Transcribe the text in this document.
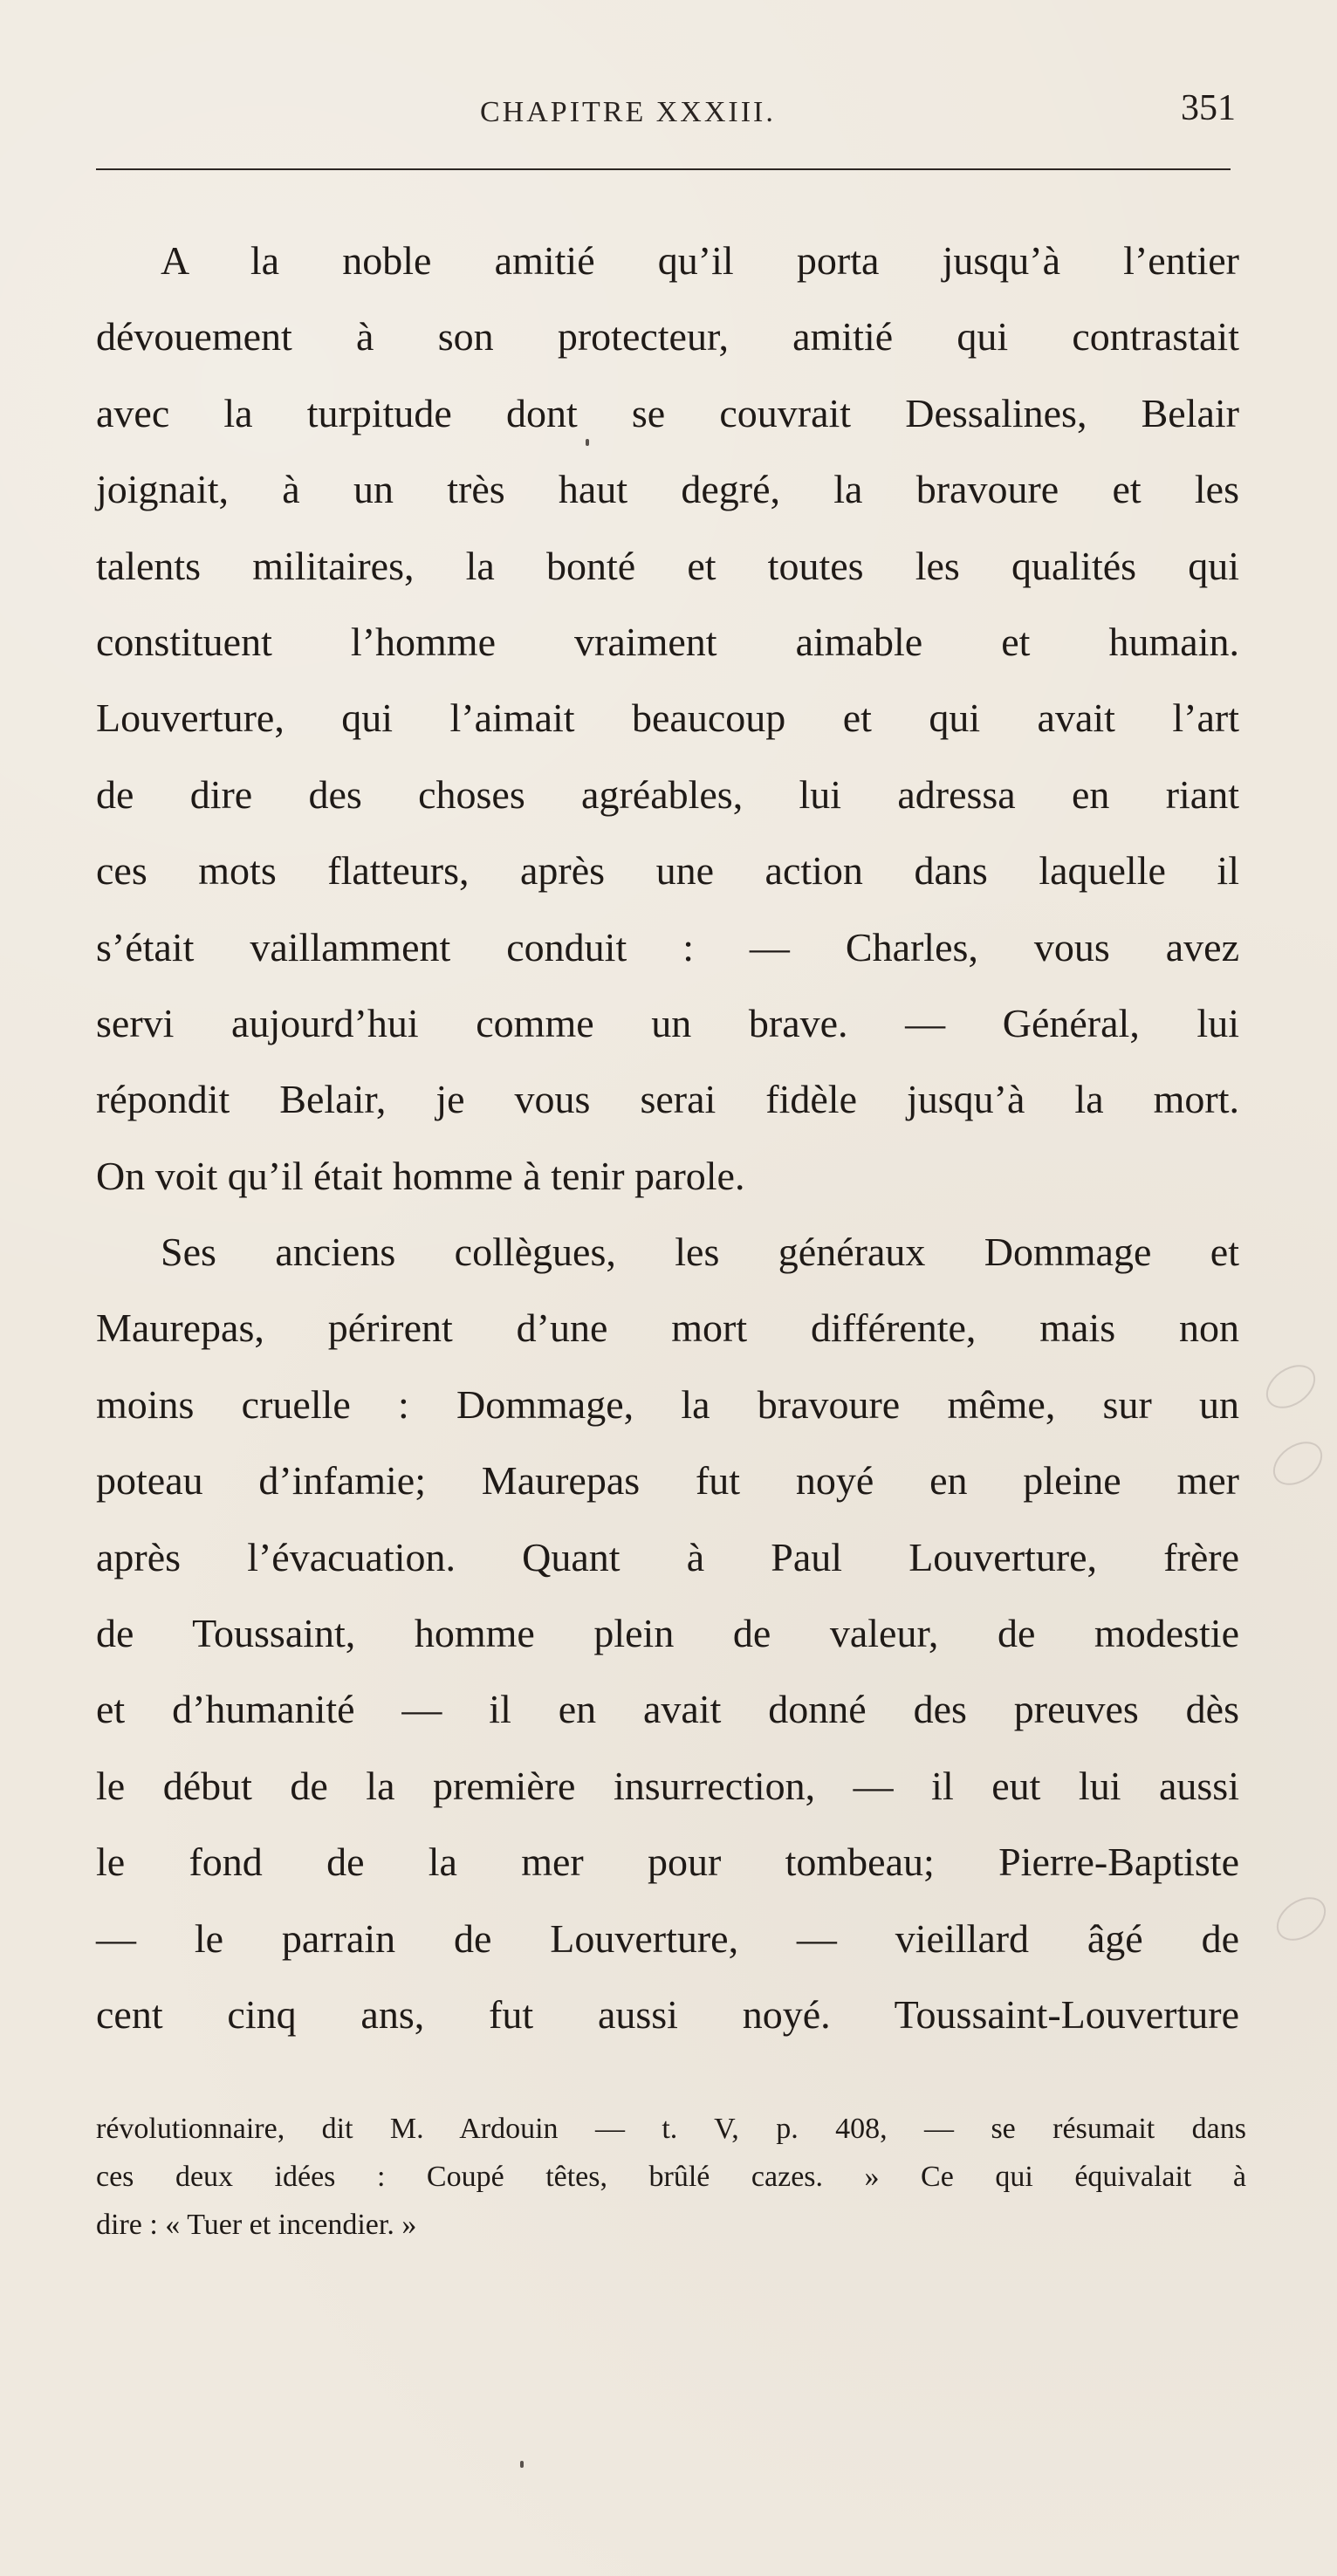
CHAPITRE XXXIII.	351
A la noble amitié qu’il porta jusqu’à l’entier
dévouement à son protecteur, amitié qui contrastait
avec la turpitude dont se couvrait Dessalines, Belair
joignait, à un très haut degré, la bravoure et les
talents militaires, la bonté et toutes les qualités qui
constituent l’homme vraiment aimable et humain.
Louverture, qui l’aimait beaucoup et qui avait l’art
de dire des choses agréables, lui adressa en riant
ces mots flatteurs, après une action dans laquelle il
s’était vaillamment conduit : — Charles, vous avez
servi aujourd’hui comme un brave. — Général, lui
répondit Belair, je vous serai fidèle jusqu’à la mort.
On voit qu’il était homme à tenir parole.
Ses anciens collègues, les généraux Dommage et
Maurepas, périrent d’une mort différente, mais non
moins cruelle : Dommage, la bravoure même, sur un
poteau d’infamie; Maurepas fut noyé en pleine mer
après l’évacuation. Quant à Paul Louverture, frère
de Toussaint, homme plein de valeur, de modestie
et d’humanité — il en avait donné des preuves dès
le début de la première insurrection, — il eut lui aussi
le fond de la mer pour tombeau; Pierre-Baptiste
— le parrain de Louverture, — vieillard âgé de
cent cinq ans, fut aussi noyé. Toussaint-Louverture
révolutionnaire, dit M. Ardouin — t. V, p. 408, — se résumait dans
ces deux idées : Coupé têtes, brûlé cazes. » Ce qui équivalait à
dire : « Tuer et incendier. »
